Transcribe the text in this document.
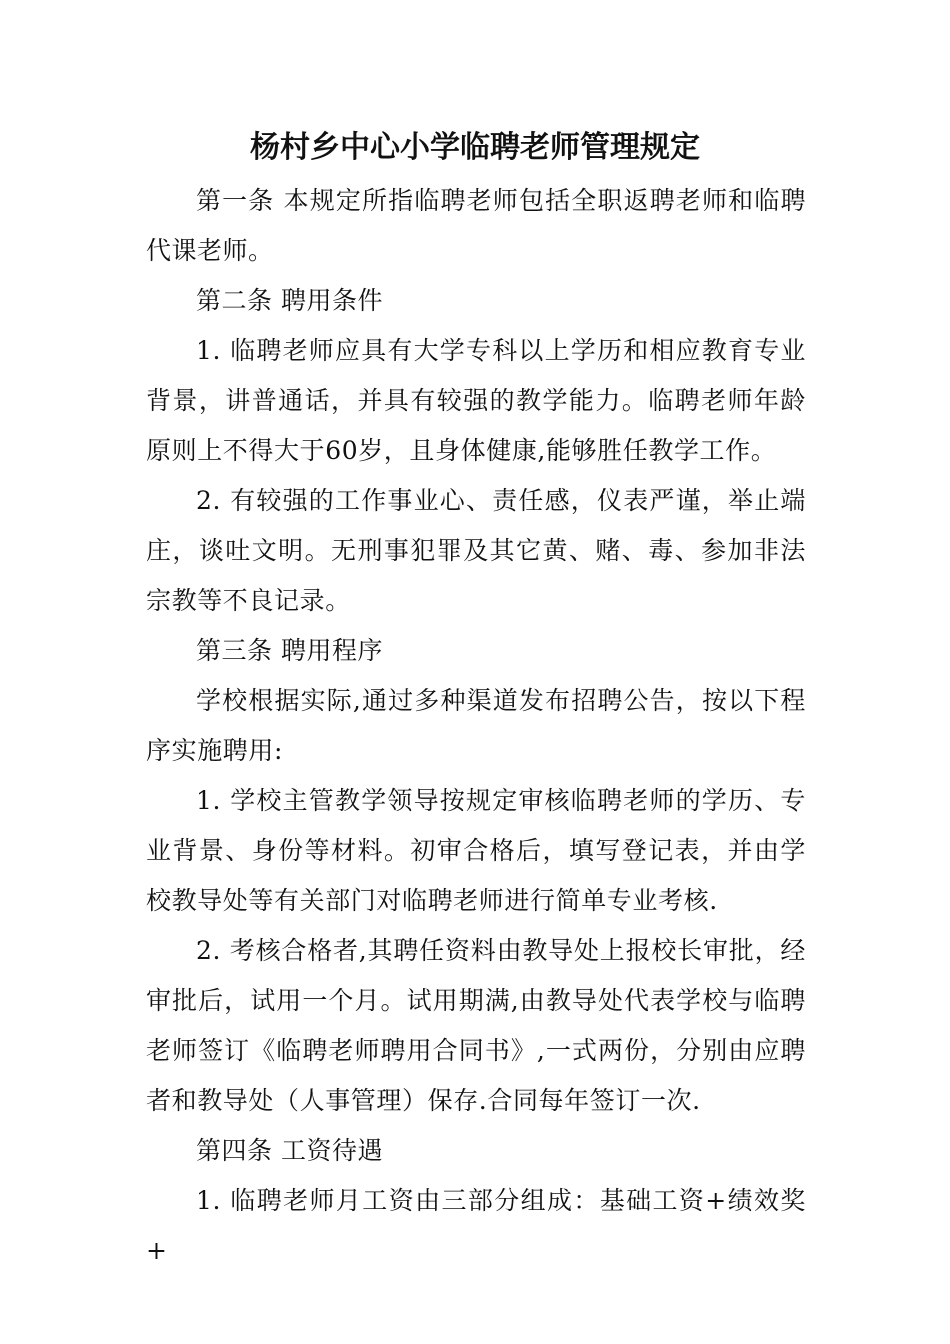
杨村乡中心小学临聘老师管理规定

第一条 本规定所指临聘老师包括全职返聘老师和临聘代课老师。

第二条 聘用条件

1. 临聘老师应具有大学专科以上学历和相应教育专业背景，讲普通话，并具有较强的教学能力。临聘老师年龄原则上不得大于60岁，且身体健康,能够胜任教学工作。

2. 有较强的工作事业心、责任感，仪表严谨，举止端庄，谈吐文明。无刑事犯罪及其它黄、赌、毒、参加非法宗教等不良记录。

第三条 聘用程序

学校根据实际,通过多种渠道发布招聘公告，按以下程序实施聘用:

1. 学校主管教学领导按规定审核临聘老师的学历、专业背景、身份等材料。初审合格后，填写登记表，并由学校教导处等有关部门对临聘老师进行简单专业考核.

2. 考核合格者,其聘任资料由教导处上报校长审批，经审批后，试用一个月。试用期满,由教导处代表学校与临聘老师签订《临聘老师聘用合同书》,一式两份，分别由应聘者和教导处（人事管理）保存.合同每年签订一次.

第四条 工资待遇

1. 临聘老师月工资由三部分组成：基础工资+绩效奖+
